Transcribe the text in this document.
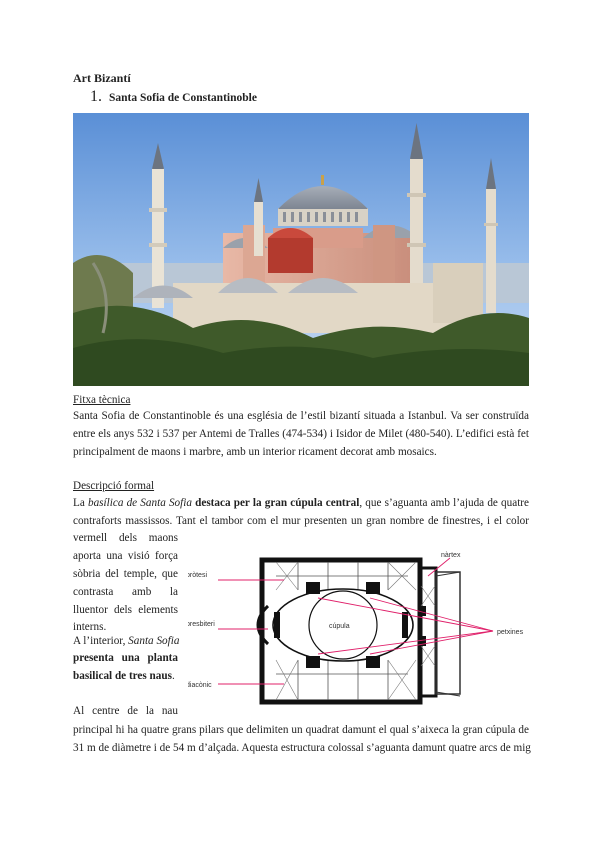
Art Bizantí
1. Santa Sofia de Constantinoble
Fitxa tècnica
Santa Sofia de Constantinoble és una església de l’estil bizantí situada a Istanbul. Va ser construïda
entre els anys 532 i 537 per Antemi de Tralles (474-534) i Isidor de Milet (480-540). L’edifici està fet
principalment de maons i marbre, amb un interior ricament decorat amb mosaics.
Descripció formal
La basílica de Santa Sofia destaca per la gran cúpula central, que s’aguanta amb l’ajuda de quatre
contraforts massissos. Tant el tambor com el mur presenten un gran nombre de finestres, i el color
vermell dels maons
aporta una visió força
sòbria del temple, que
contrasta amb la
lluentor dels elements
interns.
A l’interior, Santa Sofia
presenta una planta
basilical de tres naus.
Al centre de la nau
principal hi ha quatre grans pilars que delimiten un quadrat damunt el qual s’aixeca la gran cúpula de
31 m de diàmetre i de 54 m d’alçada. Aquesta estructura colossal s’aguanta damunt quatre arcs de mig
nàrtex
pròtesi
presbiteri	cúpula
diacònic
petxines
